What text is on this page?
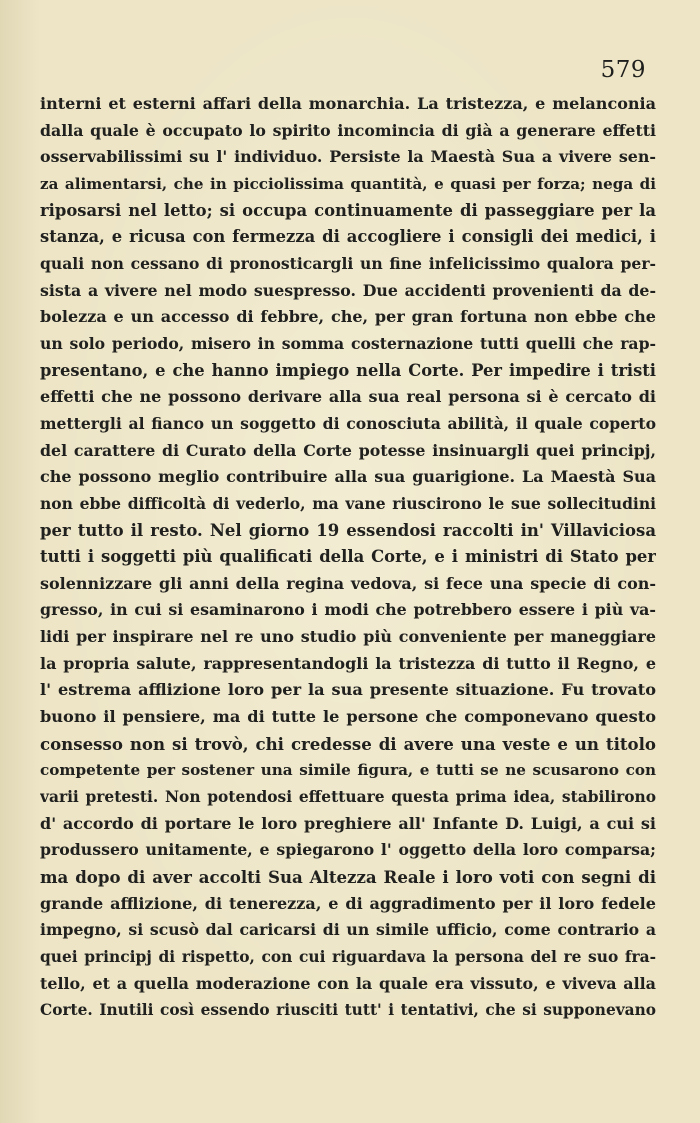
579
interni et esterni affari della monarchia. La tristezza, e melanconia
dalla quale è occupato lo spirito incomincia di già a generare effetti
osservabilissimi su l' individuo. Persiste la Maestà Sua a vivere sen-
za alimentarsi, che in picciolissima quantità, e quasi per forza; nega di
riposarsi nel letto; si occupa continuamente di passeggiare per la
stanza, e ricusa con fermezza di accogliere i consigli dei medici, i
quali non cessano di pronosticargli un fine infelicissimo qualora per-
sista a vivere nel modo suespresso. Due accidenti provenienti da de-
bolezza e un accesso di febbre, che, per gran fortuna non ebbe che
un solo periodo, misero in somma costernazione tutti quelli che rap-
presentano, e che hanno impiego nella Corte. Per impedire i tristi
effetti che ne possono derivare alla sua real persona si è cercato di
mettergli al fianco un soggetto di conosciuta abilità, il quale coperto
del carattere di Curato della Corte potesse insinuargli quei principj,
che possono meglio contribuire alla sua guarigione. La Maestà Sua
non ebbe difficoltà di vederlo, ma vane riuscirono le sue sollecitudini
per tutto il resto. Nel giorno 19 essendosi raccolti in' Villaviciosa
tutti i soggetti più qualificati della Corte, e i ministri di Stato per
solennizzare gli anni della regina vedova, si fece una specie di con-
gresso, in cui si esaminarono i modi che potrebbero essere i più va-
lidi per inspirare nel re uno studio più conveniente per maneggiare
la propria salute, rappresentandogli la tristezza di tutto il Regno, e
l' estrema afflizione loro per la sua presente situazione. Fu trovato
buono il pensiere, ma di tutte le persone che componevano questo
consesso non si trovò, chi credesse di avere una veste e un titolo
competente per sostener una simile figura, e tutti se ne scusarono con
varii pretesti. Non potendosi effettuare questa prima idea, stabilirono
d' accordo di portare le loro preghiere all' Infante D. Luigi, a cui si
produssero unitamente, e spiegarono l' oggetto della loro comparsa;
ma dopo di aver accolti Sua Altezza Reale i loro voti con segni di
grande afflizione, di tenerezza, e di aggradimento per il loro fedele
impegno, si scusò dal caricarsi di un simile ufficio, come contrario a
quei principj di rispetto, con cui riguardava la persona del re suo fra-
tello, et a quella moderazione con la quale era vissuto, e viveva alla
Corte. Inutili così essendo riusciti tutt' i tentativi, che si supponevano
